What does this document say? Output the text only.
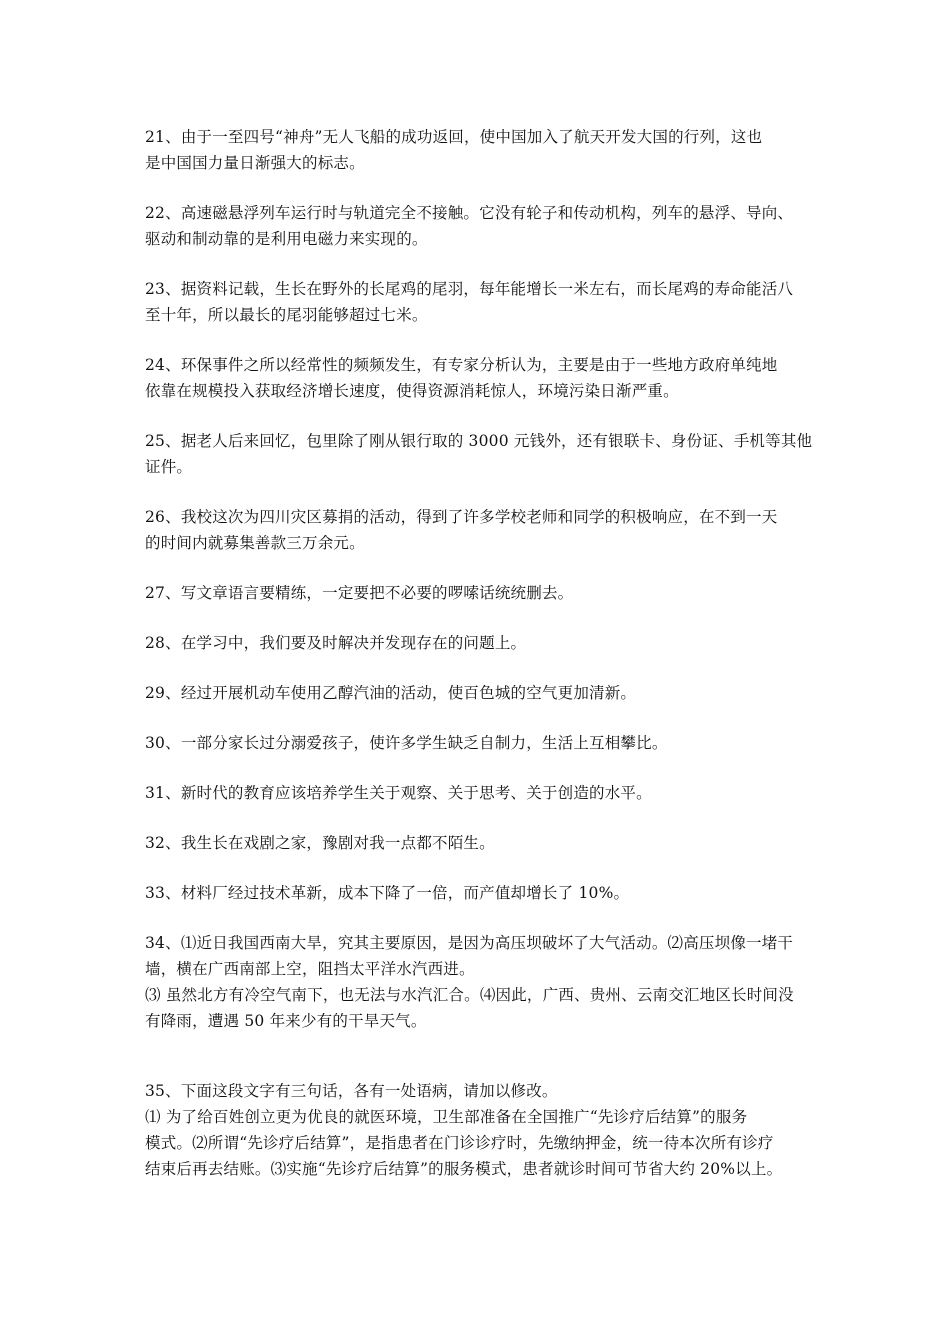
21、由于一至四号“神舟”无人飞船的成功返回，使中国加入了航天开发大国的行列，这也

是中国国力量日渐强大的标志。

22、高速磁悬浮列车运行时与轨道完全不接触。它没有轮子和传动机构，列车的悬浮、导向、

驱动和制动靠的是利用电磁力来实现的。

23、据资料记载，生长在野外的长尾鸡的尾羽，每年能增长一米左右，而长尾鸡的寿命能活八

至十年，所以最长的尾羽能够超过七米。

24、环保事件之所以经常性的频频发生，有专家分析认为，主要是由于一些地方政府单纯地

依靠在规模投入获取经济增长速度，使得资源消耗惊人，环境污染日渐严重。

25、据老人后来回忆，包里除了刚从银行取的 3000 元钱外，还有银联卡、身份证、手机等其他

证件。

26、我校这次为四川灾区募捐的活动，得到了许多学校老师和同学的积极响应，在不到一天

的时间内就募集善款三万余元。

27、写文章语言要精练，一定要把不必要的啰嗦话统统删去。

28、在学习中，我们要及时解决并发现存在的问题上。

29、经过开展机动车使用乙醇汽油的活动，使百色城的空气更加清新。

30、一部分家长过分溺爱孩子，使许多学生缺乏自制力，生活上互相攀比。

31、新时代的教育应该培养学生关于观察、关于思考、关于创造的水平。

32、我生长在戏剧之家，豫剧对我一点都不陌生。

33、材料厂经过技术革新，成本下降了一倍，而产值却增长了 10%。

34、⑴近日我国西南大旱，究其主要原因，是因为高压坝破坏了大气活动。⑵高压坝像一堵干

墙，横在广西南部上空，阻挡太平洋水汽西进。

⑶ 虽然北方有冷空气南下，也无法与水汽汇合。⑷因此，广西、贵州、云南交汇地区长时间没

有降雨，遭遇 50 年来少有的干旱天气。

35、下面这段文字有三句话，各有一处语病，请加以修改。

⑴ 为了给百姓创立更为优良的就医环境，卫生部准备在全国推广“先诊疗后结算”的服务

模式。⑵所谓“先诊疗后结算”，是指患者在门诊诊疗时，先缴纳押金，统一待本次所有诊疗

结束后再去结账。⑶实施“先诊疗后结算”的服务模式，患者就诊时间可节省大约 20%以上。
